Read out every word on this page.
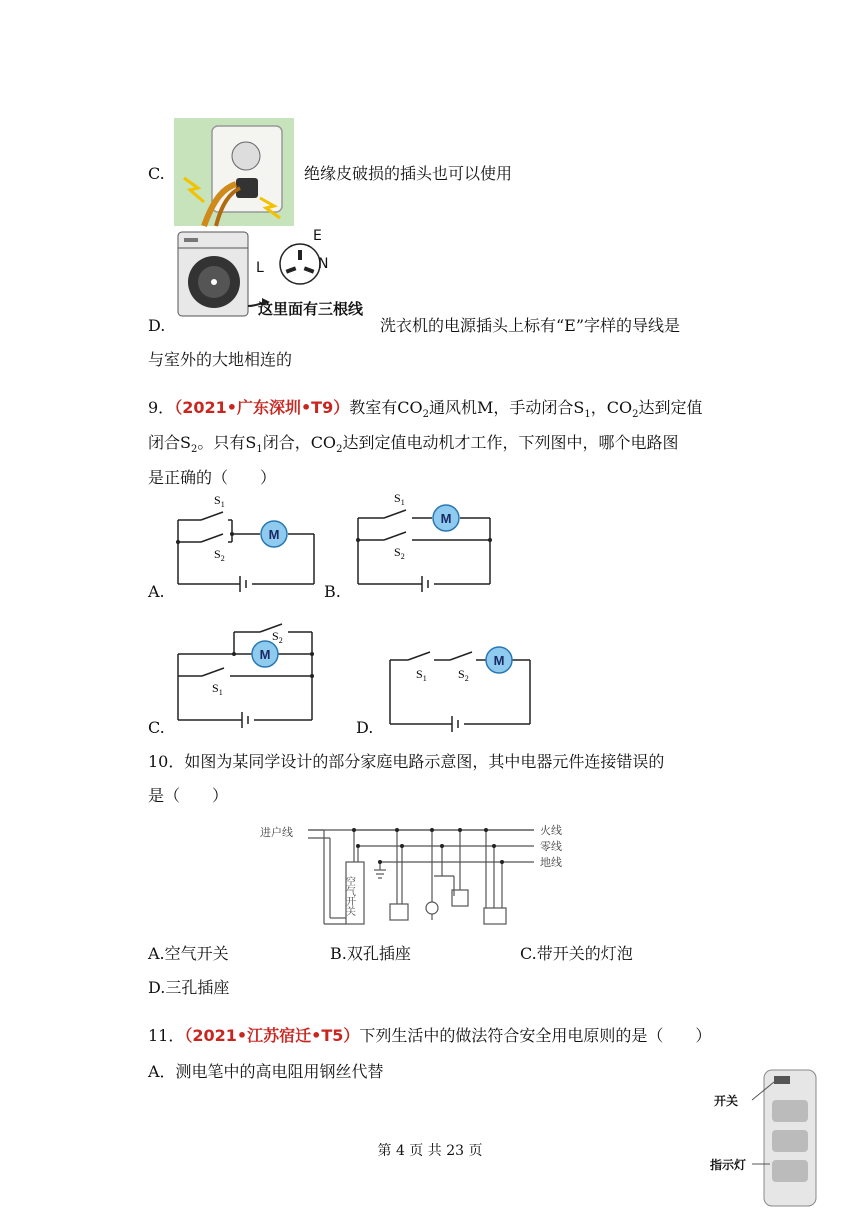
C.	绝缘皮破损的插头也可以使用
E
L	N
这里面有三根线
D.	洗衣机的电源插头上标有“E”字样的导线是
与室外的大地相连的
9．（2021•广东深圳•T9）教室有$CO_2$通风机M，手动闭合$S_1$，$CO_2$达到定值
闭合$S_2$。只有$S_1$闭合，$CO_2$达到定值电动机才工作，下列图中，哪个电路图
是正确的（　　）
M
$S_1$
$S_2$
A.
M
$S_1$
$S_2$
B.
M
$S_2$
$S_1$
C.
M
$S_1$	$S_2$
D.
10．如图为某同学设计的部分家庭电路示意图，其中电器元件连接错误的
是（　　）
进户线	火线
零线
地线
空气开关
A.空气开关	B.双孔插座	C.带开关的灯泡
D.三孔插座
11．（2021•江苏宿迁•T5）下列生活中的做法符合安全用电原则的是（　　）
A．测电笔中的高电阻用钢丝代替
开关
指示灯
第 4 页 共 23 页
